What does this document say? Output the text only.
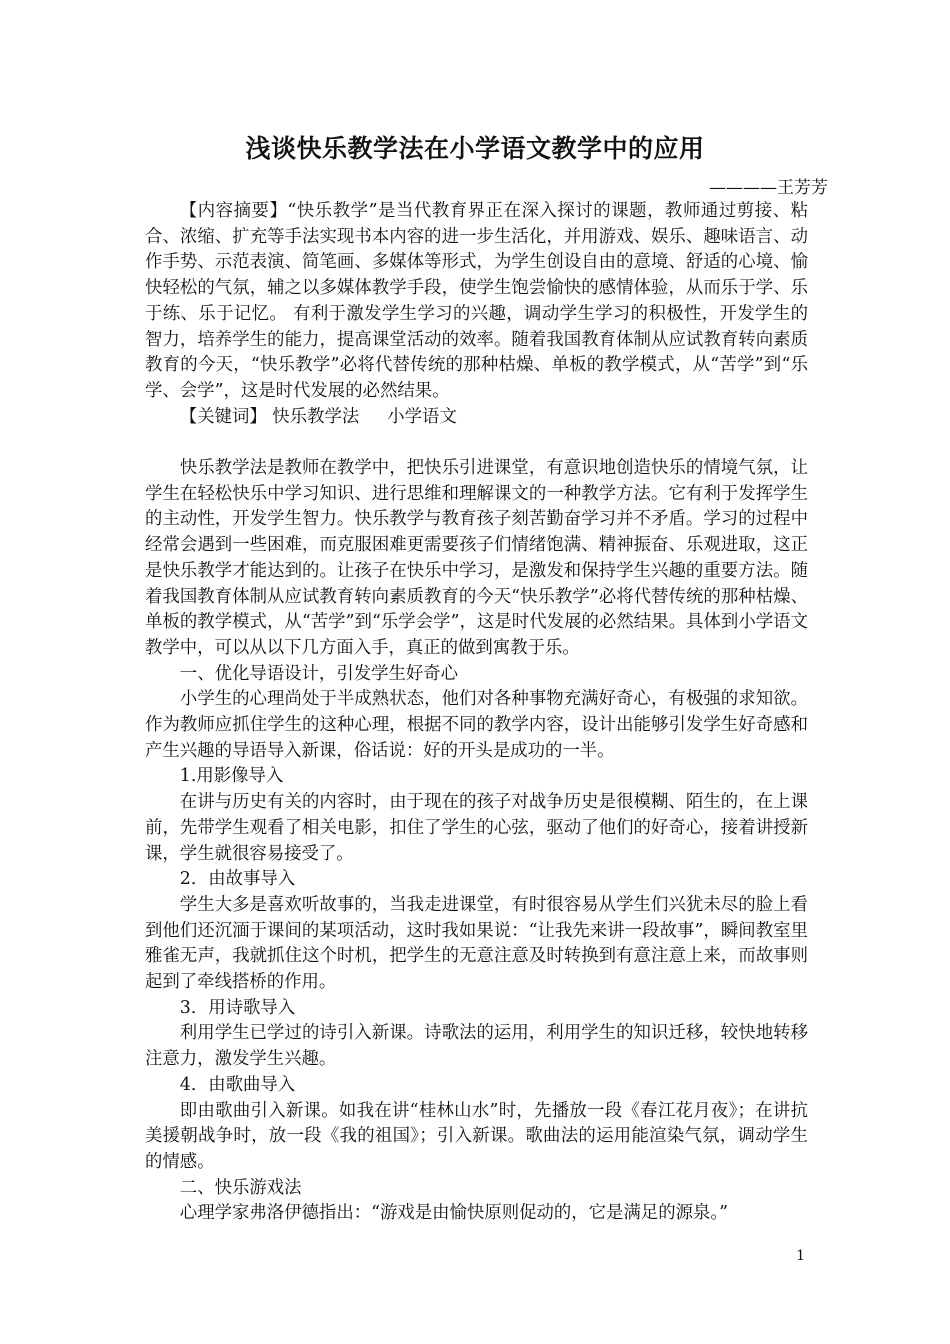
浅谈快乐教学法在小学语文教学中的应用
————王芳芳

【内容摘要】“快乐教学”是当代教育界正在深入探讨的课题，教师通过剪接、粘合、浓缩、扩充等手法实现书本内容的进一步生活化，并用游戏、娱乐、趣味语言、动作手势、示范表演、简笔画、多媒体等形式，为学生创设自由的意境、舒适的心境、愉快轻松的气氛，辅之以多媒体教学手段，使学生饱尝愉快的感情体验，从而乐于学、乐于练、乐于记忆。 有利于激发学生学习的兴趣，调动学生学习的积极性，开发学生的智力，培养学生的能力，提高课堂活动的效率。随着我国教育体制从应试教育转向素质教育的今天，“快乐教学”必将代替传统的那种枯燥、单板的教学模式，从“苦学”到“乐学、会学”，这是时代发展的必然结果。

【关键词】 快乐教学法 小学语文

快乐教学法是教师在教学中，把快乐引进课堂，有意识地创造快乐的情境气氛，让学生在轻松快乐中学习知识、进行思维和理解课文的一种教学方法。它有利于发挥学生的主动性，开发学生智力。快乐教学与教育孩子刻苦勤奋学习并不矛盾。学习的过程中经常会遇到一些困难，而克服困难更需要孩子们情绪饱满、精神振奋、乐观进取，这正是快乐教学才能达到的。让孩子在快乐中学习，是激发和保持学生兴趣的重要方法。随着我国教育体制从应试教育转向素质教育的今天“快乐教学”必将代替传统的那种枯燥、单板的教学模式，从“苦学”到“乐学会学”，这是时代发展的必然结果。具体到小学语文教学中，可以从以下几方面入手，真正的做到寓教于乐。

一、优化导语设计，引发学生好奇心

小学生的心理尚处于半成熟状态，他们对各种事物充满好奇心，有极强的求知欲。作为教师应抓住学生的这种心理，根据不同的教学内容，设计出能够引发学生好奇感和产生兴趣的导语导入新课，俗话说：好的开头是成功的一半。

1.用影像导入

在讲与历史有关的内容时，由于现在的孩子对战争历史是很模糊、陌生的，在上课前，先带学生观看了相关电影，扣住了学生的心弦，驱动了他们的好奇心，接着讲授新课，学生就很容易接受了。

2．由故事导入

学生大多是喜欢听故事的，当我走进课堂，有时很容易从学生们兴犹未尽的脸上看到他们还沉湎于课间的某项活动，这时我如果说：“让我先来讲一段故事”，瞬间教室里雅雀无声，我就抓住这个时机，把学生的无意注意及时转换到有意注意上来，而故事则起到了牵线搭桥的作用。

3．用诗歌导入

利用学生已学过的诗引入新课。诗歌法的运用，利用学生的知识迁移，较快地转移注意力，激发学生兴趣。

4．由歌曲导入

即由歌曲引入新课。如我在讲“桂林山水”时，先播放一段《春江花月夜》；在讲抗美援朝战争时，放一段《我的祖国》；引入新课。歌曲法的运用能渲染气氛，调动学生的情感。

二、快乐游戏法

心理学家弗洛伊德指出：“游戏是由愉快原则促动的，它是满足的源泉。”

1
